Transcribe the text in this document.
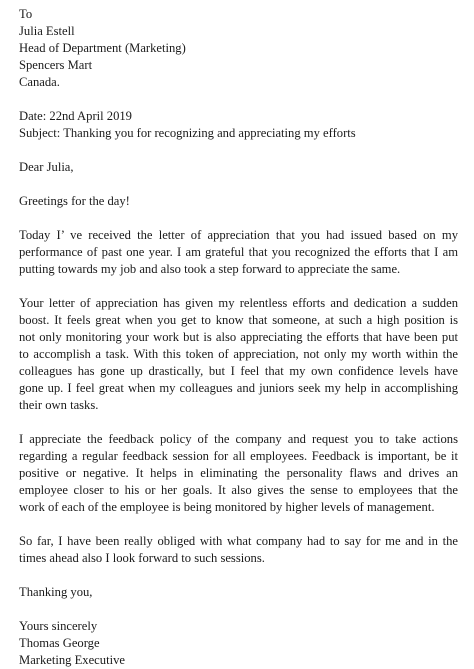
To
Julia Estell
Head of Department (Marketing)
Spencers Mart
Canada.
Date: 22nd April 2019
Subject: Thanking you for recognizing and appreciating my efforts
Dear Julia,
Greetings for the day!
Today I’ ve received the letter of appreciation that you had issued based on my
performance of past one year. I am grateful that you recognized the efforts that I am
putting towards my job and also took a step forward to appreciate the same.
Your letter of appreciation has given my relentless efforts and dedication a sudden
boost. It feels great when you get to know that someone, at such a high position is
not only monitoring your work but is also appreciating the efforts that have been put
to accomplish a task. With this token of appreciation, not only my worth within the
colleagues has gone up drastically, but I feel that my own confidence levels have
gone up. I feel great when my colleagues and juniors seek my help in accomplishing
their own tasks.
I appreciate the feedback policy of the company and request you to take actions
regarding a regular feedback session for all employees. Feedback is important, be it
positive or negative. It helps in eliminating the personality flaws and drives an
employee closer to his or her goals. It also gives the sense to employees that the
work of each of the employee is being monitored by higher levels of management.
So far, I have been really obliged with what company had to say for me and in the
times ahead also I look forward to such sessions.
Thanking you,
Yours sincerely
Thomas George
Marketing Executive
